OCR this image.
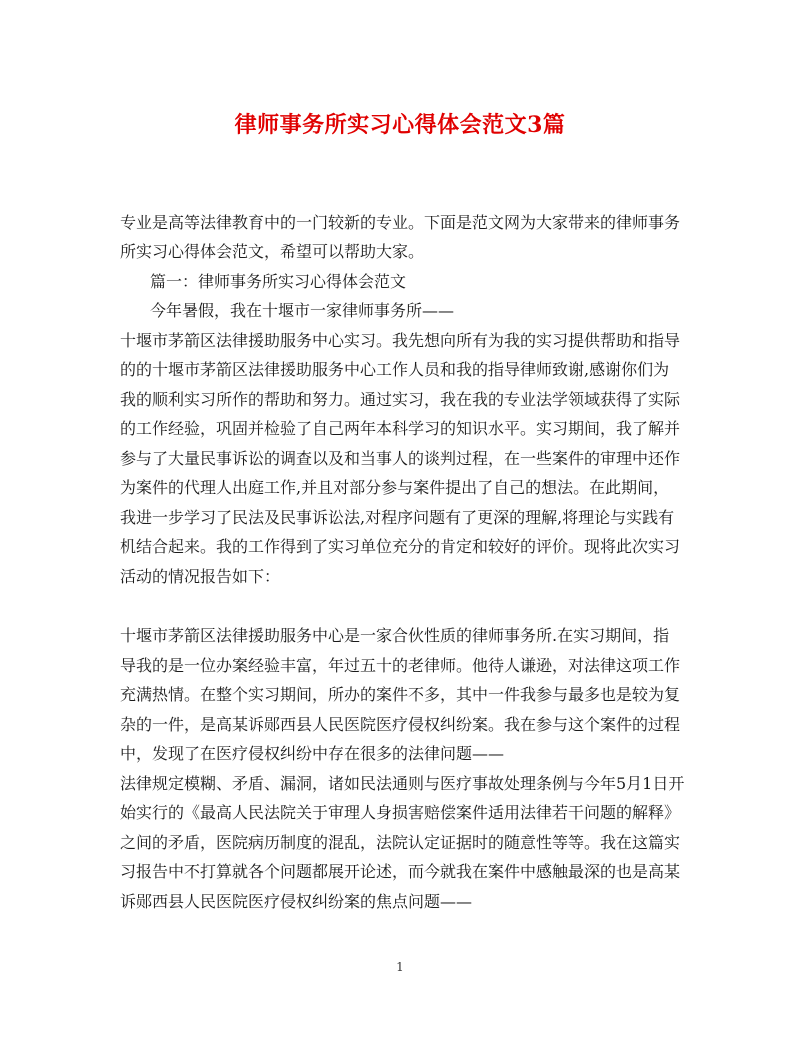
律师事务所实习心得体会范文3篇
专业是高等法律教育中的一门较新的专业。下面是范文网为大家带来的律师事务
所实习心得体会范文，希望可以帮助大家。
篇一：律师事务所实习心得体会范文
今年暑假，我在十堰市一家律师事务所——
十堰市茅箭区法律援助服务中心实习。我先想向所有为我的实习提供帮助和指导
的的十堰市茅箭区法律援助服务中心工作人员和我的指导律师致谢,感谢你们为
我的顺利实习所作的帮助和努力。通过实习，我在我的专业法学领域获得了实际
的工作经验，巩固并检验了自己两年本科学习的知识水平。实习期间，我了解并
参与了大量民事诉讼的调查以及和当事人的谈判过程，在一些案件的审理中还作
为案件的代理人出庭工作,并且对部分参与案件提出了自己的想法。在此期间，
我进一步学习了民法及民事诉讼法,对程序问题有了更深的理解,将理论与实践有
机结合起来。我的工作得到了实习单位充分的肯定和较好的评价。现将此次实习
活动的情况报告如下：
十堰市茅箭区法律援助服务中心是一家合伙性质的律师事务所.在实习期间，指
导我的是一位办案经验丰富，年过五十的老律师。他待人谦逊，对法律这项工作
充满热情。在整个实习期间，所办的案件不多，其中一件我参与最多也是较为复
杂的一件，是高某诉郧西县人民医院医疗侵权纠纷案。我在参与这个案件的过程
中，发现了在医疗侵权纠纷中存在很多的法律问题——
法律规定模糊、矛盾、漏洞，诸如民法通则与医疗事故处理条例与今年5月1日开
始实行的《最高人民法院关于审理人身损害赔偿案件适用法律若干问题的解释》
之间的矛盾，医院病历制度的混乱，法院认定证据时的随意性等等。我在这篇实
习报告中不打算就各个问题都展开论述，而今就我在案件中感触最深的也是高某
诉郧西县人民医院医疗侵权纠纷案的焦点问题——
1
